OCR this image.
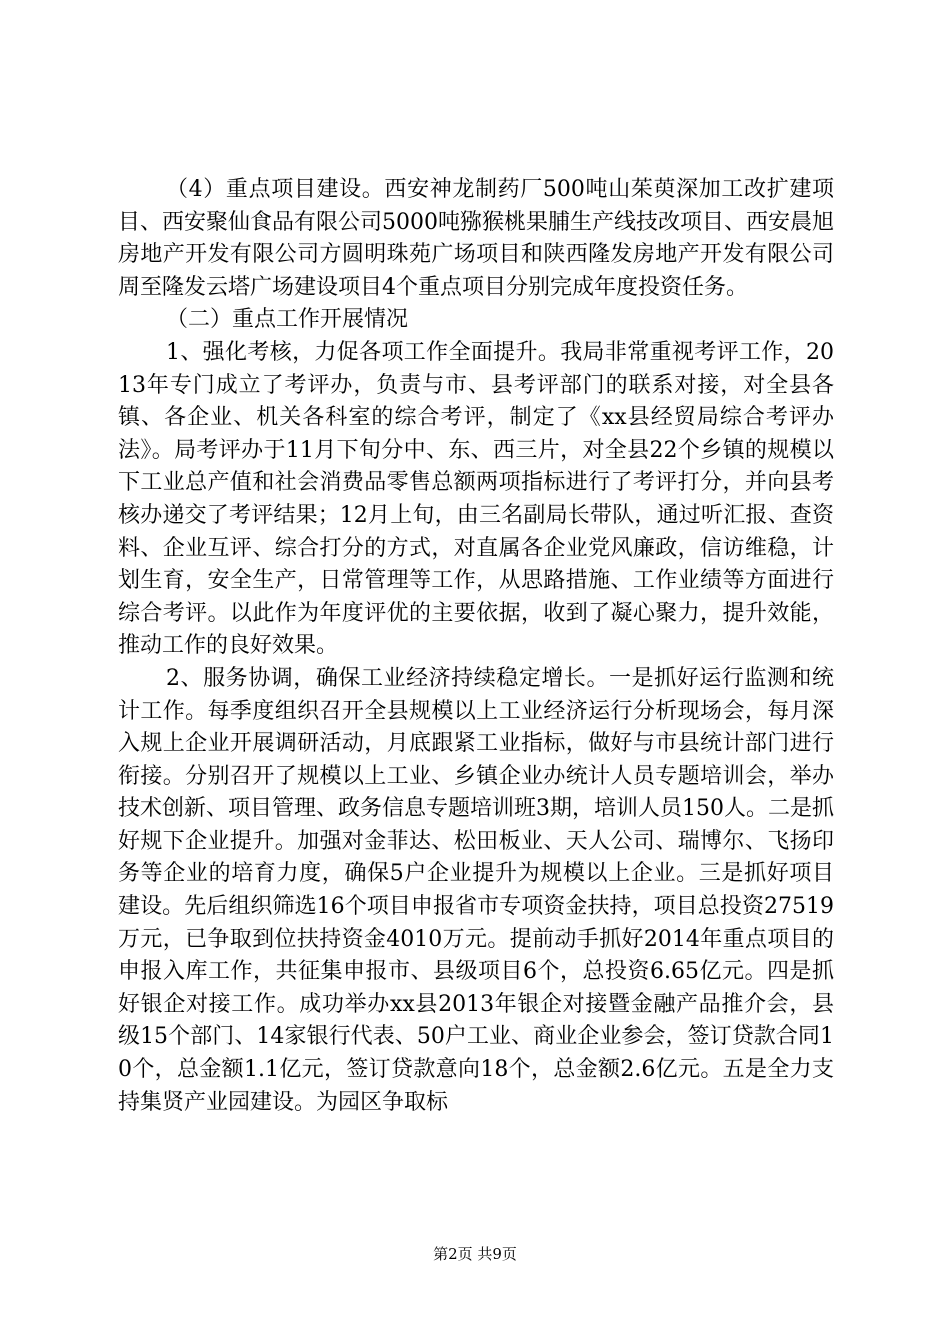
（4）重点项目建设。西安神龙制药厂500吨山茱萸深加工改扩建项目、西安聚仙食品有限公司5000吨猕猴桃果脯生产线技改项目、西安晨旭房地产开发有限公司方圆明珠苑广场项目和陕西隆发房地产开发有限公司周至隆发云塔广场建设项目4个重点项目分别完成年度投资任务。

（二）重点工作开展情况

1、强化考核，力促各项工作全面提升。我局非常重视考评工作，2013年专门成立了考评办，负责与市、县考评部门的联系对接，对全县各镇、各企业、机关各科室的综合考评，制定了《xx县经贸局综合考评办法》。局考评办于11月下旬分中、东、西三片，对全县22个乡镇的规模以下工业总产值和社会消费品零售总额两项指标进行了考评打分，并向县考核办递交了考评结果；12月上旬，由三名副局长带队，通过听汇报、查资料、企业互评、综合打分的方式，对直属各企业党风廉政，信访维稳，计划生育，安全生产，日常管理等工作，从思路措施、工作业绩等方面进行综合考评。以此作为年度评优的主要依据，收到了凝心聚力，提升效能，推动工作的良好效果。

2、服务协调，确保工业经济持续稳定增长。一是抓好运行监测和统计工作。每季度组织召开全县规模以上工业经济运行分析现场会，每月深入规上企业开展调研活动，月底跟紧工业指标，做好与市县统计部门进行衔接。分别召开了规模以上工业、乡镇企业办统计人员专题培训会，举办技术创新、项目管理、政务信息专题培训班3期，培训人员150人。二是抓好规下企业提升。加强对金菲达、松田板业、天人公司、瑞博尔、飞扬印务等企业的培育力度，确保5户企业提升为规模以上企业。三是抓好项目建设。先后组织筛选16个项目申报省市专项资金扶持，项目总投资27519万元，已争取到位扶持资金4010万元。提前动手抓好2014年重点项目的申报入库工作，共征集申报市、县级项目6个，总投资6.65亿元。四是抓好银企对接工作。成功举办xx县2013年银企对接暨金融产品推介会，县级15个部门、14家银行代表、50户工业、商业企业参会，签订贷款合同10个，总金额1.1亿元，签订贷款意向18个，总金额2.6亿元。五是全力支持集贤产业园建设。为园区争取标

第2页 共9页
